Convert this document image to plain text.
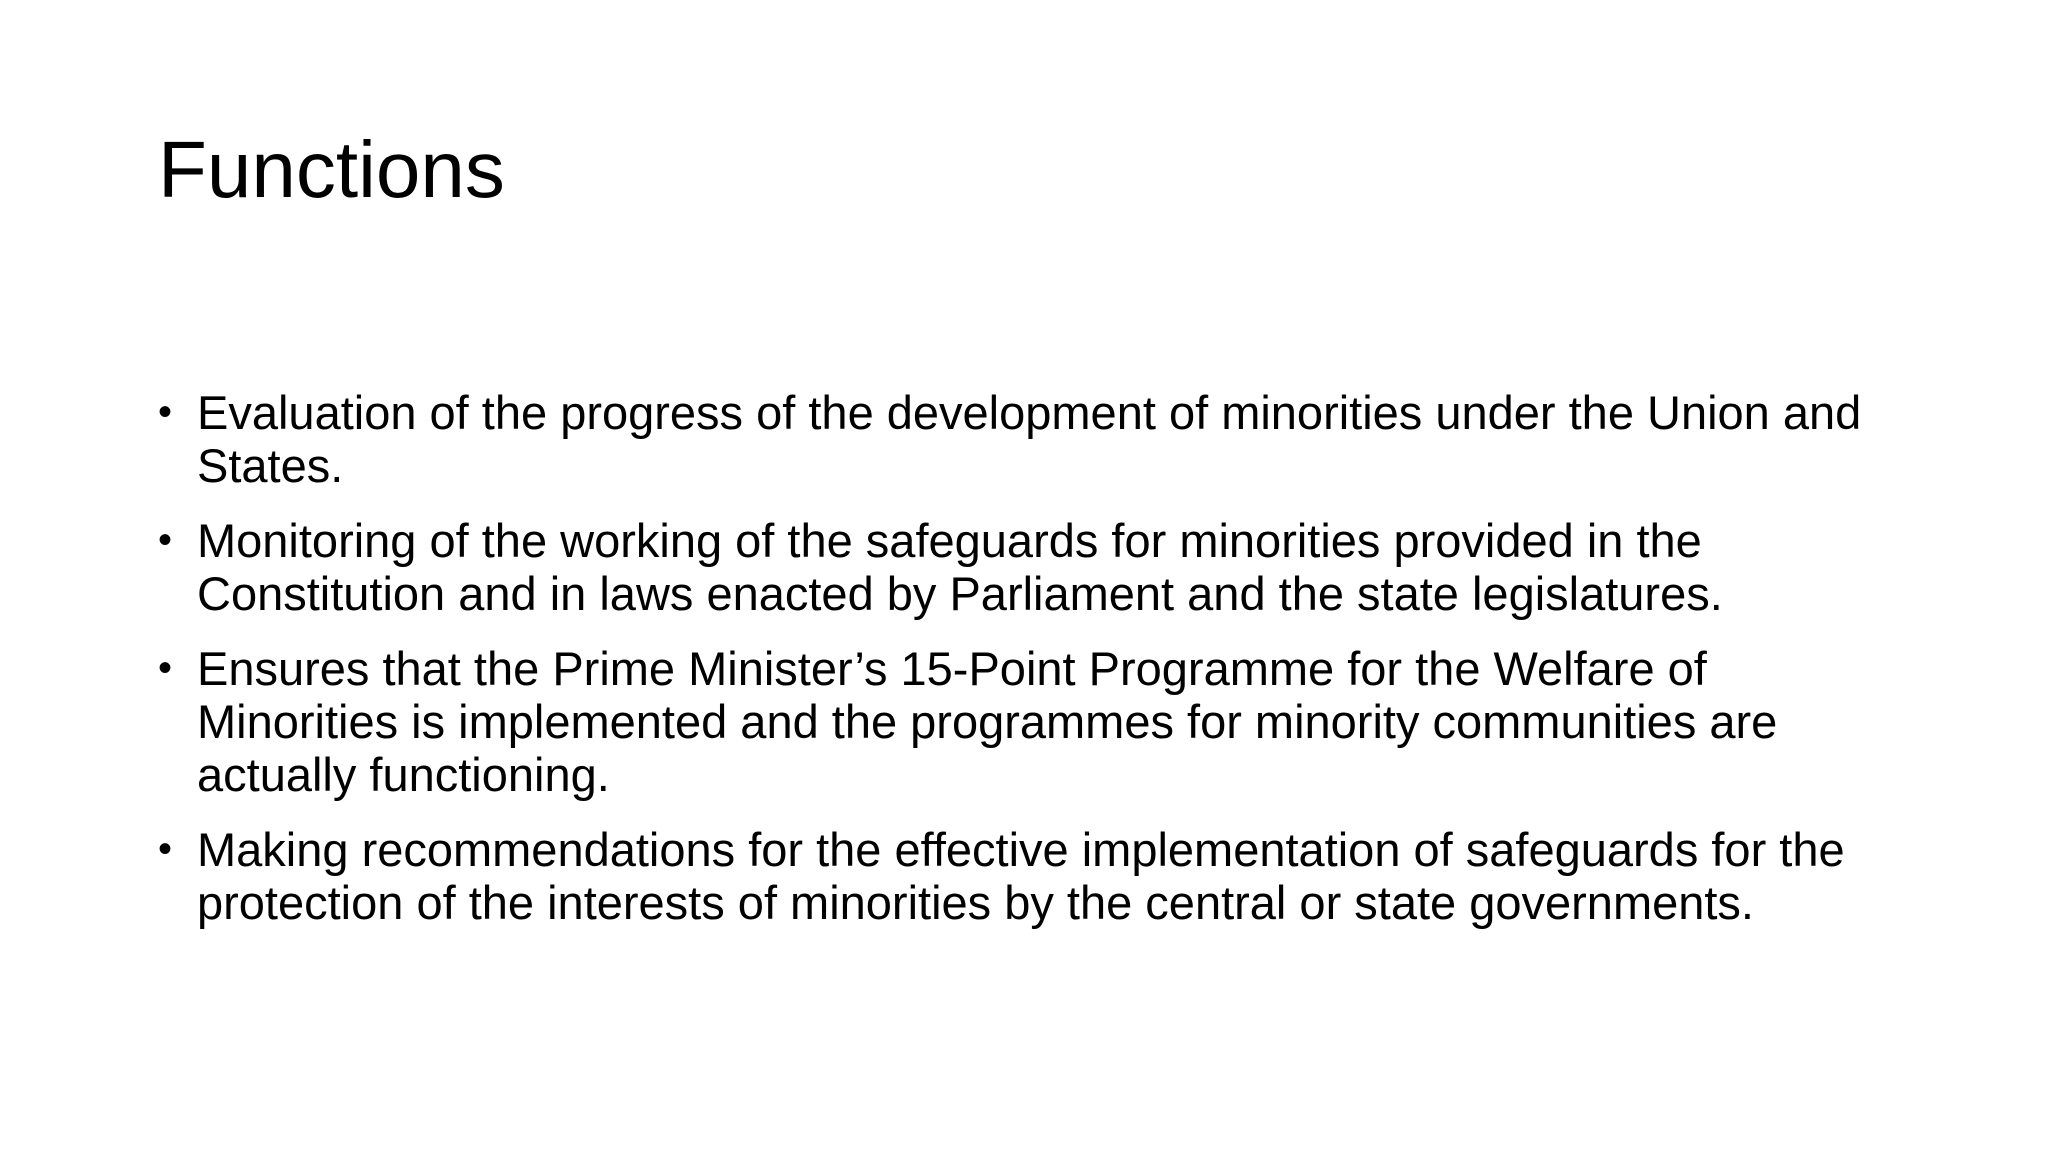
Functions
• Evaluation of the progress of the development of minorities under the Union and States.
• Monitoring of the working of the safeguards for minorities provided in the Constitution and in laws enacted by Parliament and the state legislatures.
• Ensures that the Prime Minister’s 15-Point Programme for the Welfare of Minorities is implemented and the programmes for minority communities are actually functioning.
• Making recommendations for the effective implementation of safeguards for the protection of the interests of minorities by the central or state governments.
